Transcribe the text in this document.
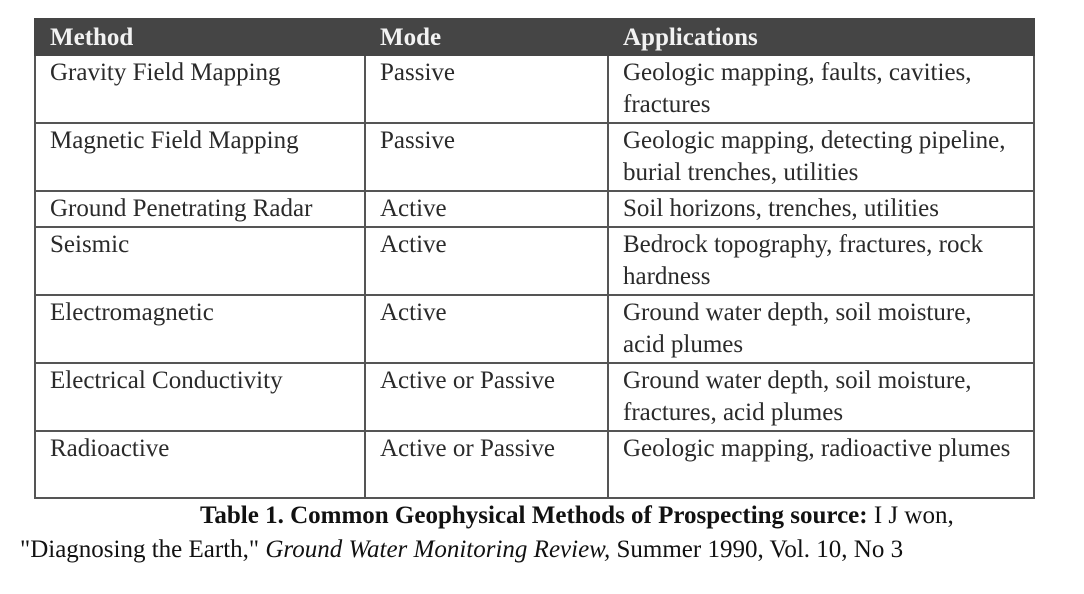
Method	Mode	Applications
Gravity Field Mapping	Passive	Geologic mapping, faults, cavities, fractures
Magnetic Field Mapping	Passive	Geologic mapping, detecting pipeline, burial trenches, utilities
Ground Penetrating Radar	Active	Soil horizons, trenches, utilities
Seismic	Active	Bedrock topography, fractures, rock hardness
Electromagnetic	Active	Ground water depth, soil moisture, acid plumes
Electrical Conductivity	Active or Passive	Ground water depth, soil moisture, fractures, acid plumes
Radioactive	Active or Passive	Geologic mapping, radioactive plumes
Table 1. Common Geophysical Methods of Prospecting source: I J won,
"Diagnosing the Earth," Ground Water Monitoring Review, Summer 1990, Vol. 10, No 3
